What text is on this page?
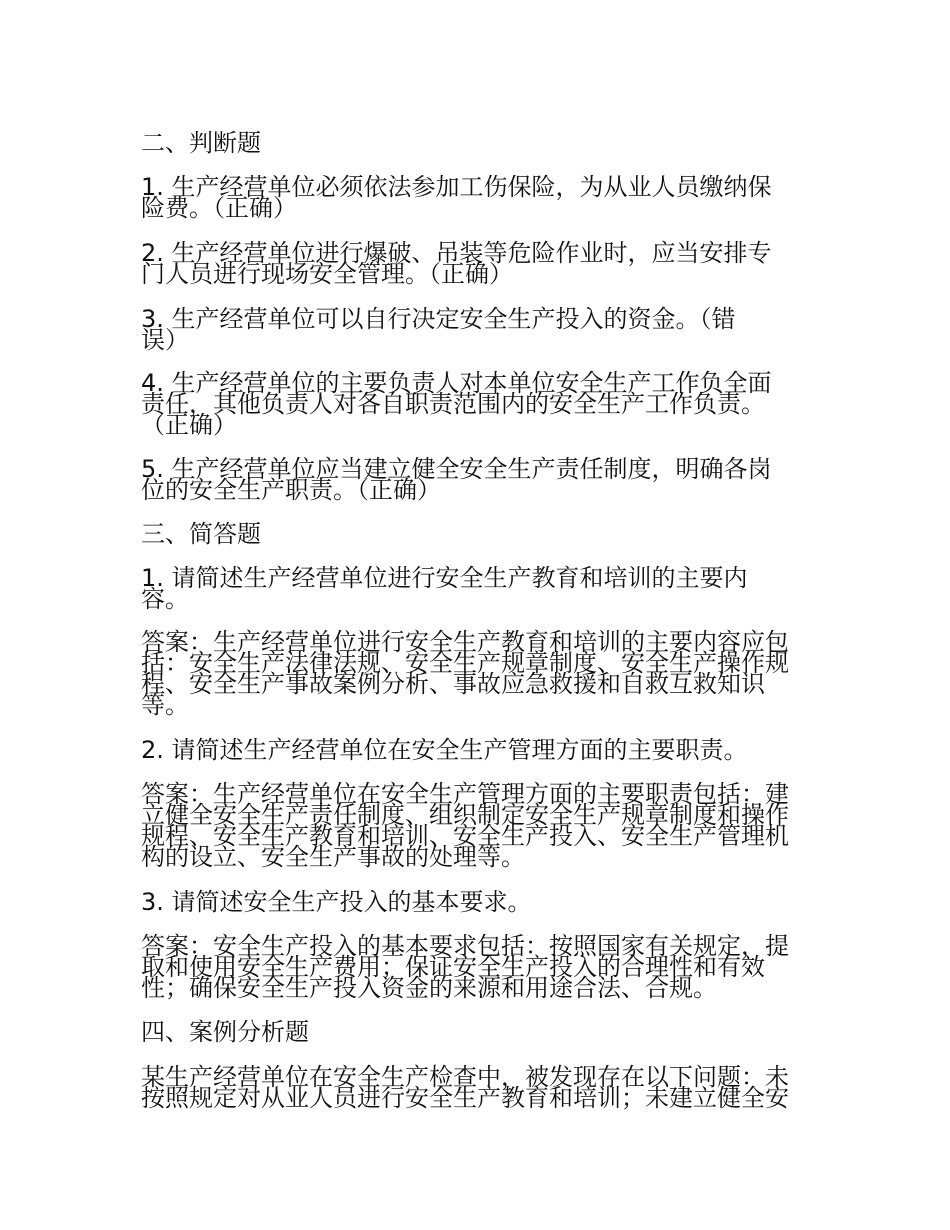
二、判断题

1. 生产经营单位必须依法参加工伤保险，为从业人员缴纳保
险费。（正确）

2. 生产经营单位进行爆破、吊装等危险作业时，应当安排专
门人员进行现场安全管理。（正确）

3. 生产经营单位可以自行决定安全生产投入的资金。（错
误）

4. 生产经营单位的主要负责人对本单位安全生产工作负全面
责任，其他负责人对各自职责范围内的安全生产工作负责。
（正确）

5. 生产经营单位应当建立健全安全生产责任制度，明确各岗
位的安全生产职责。（正确）

三、简答题

1. 请简述生产经营单位进行安全生产教育和培训的主要内
容。

答案：生产经营单位进行安全生产教育和培训的主要内容应包
括：安全生产法律法规、安全生产规章制度、安全生产操作规
程、安全生产事故案例分析、事故应急救援和自救互救知识
等。

2. 请简述生产经营单位在安全生产管理方面的主要职责。

答案：生产经营单位在安全生产管理方面的主要职责包括：建
立健全安全生产责任制度、组织制定安全生产规章制度和操作
规程、安全生产教育和培训、安全生产投入、安全生产管理机
构的设立、安全生产事故的处理等。

3. 请简述安全生产投入的基本要求。

答案：安全生产投入的基本要求包括：按照国家有关规定，提
取和使用安全生产费用；保证安全生产投入的合理性和有效
性；确保安全生产投入资金的来源和用途合法、合规。

四、案例分析题

某生产经营单位在安全生产检查中，被发现存在以下问题：未
按照规定对从业人员进行安全生产教育和培训；未建立健全安
